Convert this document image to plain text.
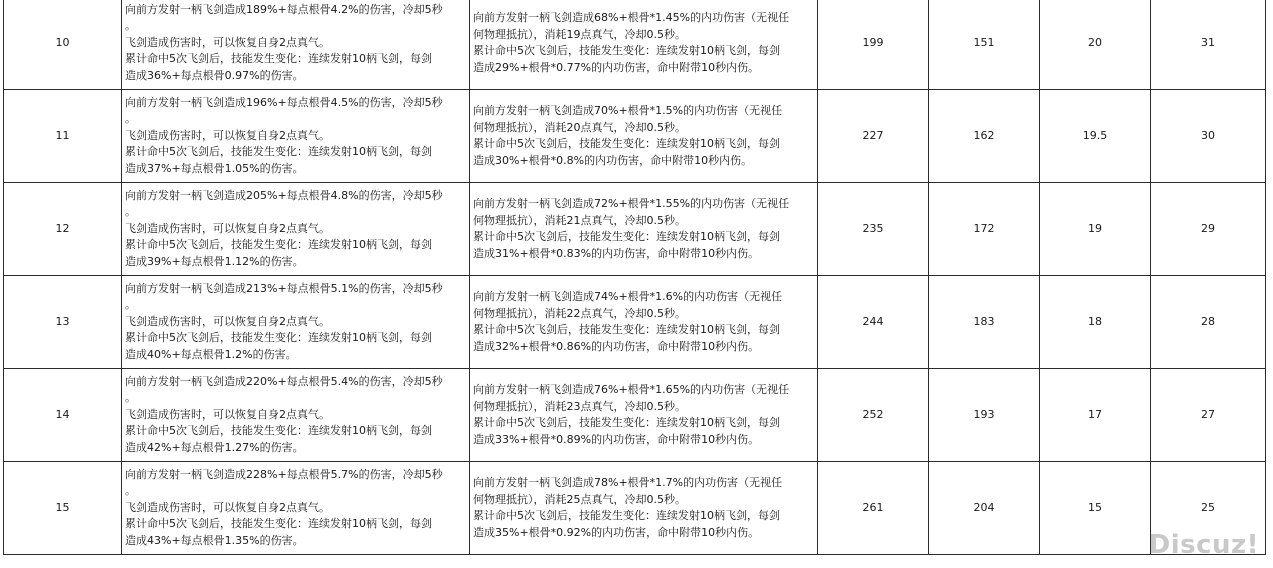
10	向前方发射一柄飞剑造成189%+每点根骨4.2%的伤害，冷却5秒
。
飞剑造成伤害时，可以恢复自身2点真气。
累计命中5次飞剑后，技能发生变化：连续发射10柄飞剑，每剑
造成36%+每点根骨0.97%的伤害。	向前方发射一柄飞剑造成68%+根骨*1.45%的内功伤害（无视任
何物理抵抗），消耗19点真气，冷却0.5秒。
累计命中5次飞剑后，技能发生变化：连续发射10柄飞剑，每剑
造成29%+根骨*0.77%的内功伤害，命中附带10秒内伤。	199	151	20	31
11	向前方发射一柄飞剑造成196%+每点根骨4.5%的伤害，冷却5秒
。
飞剑造成伤害时，可以恢复自身2点真气。
累计命中5次飞剑后，技能发生变化：连续发射10柄飞剑，每剑
造成37%+每点根骨1.05%的伤害。	向前方发射一柄飞剑造成70%+根骨*1.5%的内功伤害（无视任
何物理抵抗），消耗20点真气，冷却0.5秒。
累计命中5次飞剑后，技能发生变化：连续发射10柄飞剑，每剑
造成30%+根骨*0.8%的内功伤害，命中附带10秒内伤。	227	162	19.5	30
12	向前方发射一柄飞剑造成205%+每点根骨4.8%的伤害，冷却5秒
。
飞剑造成伤害时，可以恢复自身2点真气。
累计命中5次飞剑后，技能发生变化：连续发射10柄飞剑，每剑
造成39%+每点根骨1.12%的伤害。	向前方发射一柄飞剑造成72%+根骨*1.55%的内功伤害（无视任
何物理抵抗），消耗21点真气，冷却0.5秒。
累计命中5次飞剑后，技能发生变化：连续发射10柄飞剑，每剑
造成31%+根骨*0.83%的内功伤害，命中附带10秒内伤。	235	172	19	29
13	向前方发射一柄飞剑造成213%+每点根骨5.1%的伤害，冷却5秒
。
飞剑造成伤害时，可以恢复自身2点真气。
累计命中5次飞剑后，技能发生变化：连续发射10柄飞剑，每剑
造成40%+每点根骨1.2%的伤害。	向前方发射一柄飞剑造成74%+根骨*1.6%的内功伤害（无视任
何物理抵抗），消耗22点真气，冷却0.5秒。
累计命中5次飞剑后，技能发生变化：连续发射10柄飞剑，每剑
造成32%+根骨*0.86%的内功伤害，命中附带10秒内伤。	244	183	18	28
14	向前方发射一柄飞剑造成220%+每点根骨5.4%的伤害，冷却5秒
。
飞剑造成伤害时，可以恢复自身2点真气。
累计命中5次飞剑后，技能发生变化：连续发射10柄飞剑，每剑
造成42%+每点根骨1.27%的伤害。	向前方发射一柄飞剑造成76%+根骨*1.65%的内功伤害（无视任
何物理抵抗），消耗23点真气，冷却0.5秒。
累计命中5次飞剑后，技能发生变化：连续发射10柄飞剑，每剑
造成33%+根骨*0.89%的内功伤害，命中附带10秒内伤。	252	193	17	27
15	向前方发射一柄飞剑造成228%+每点根骨5.7%的伤害，冷却5秒
。
飞剑造成伤害时，可以恢复自身2点真气。
累计命中5次飞剑后，技能发生变化：连续发射10柄飞剑，每剑
造成43%+每点根骨1.35%的伤害。	向前方发射一柄飞剑造成78%+根骨*1.7%的内功伤害（无视任
何物理抵抗），消耗25点真气，冷却0.5秒。
累计命中5次飞剑后，技能发生变化：连续发射10柄飞剑，每剑
造成35%+根骨*0.92%的内功伤害，命中附带10秒内伤。	261	204	15	25
Discuz!
